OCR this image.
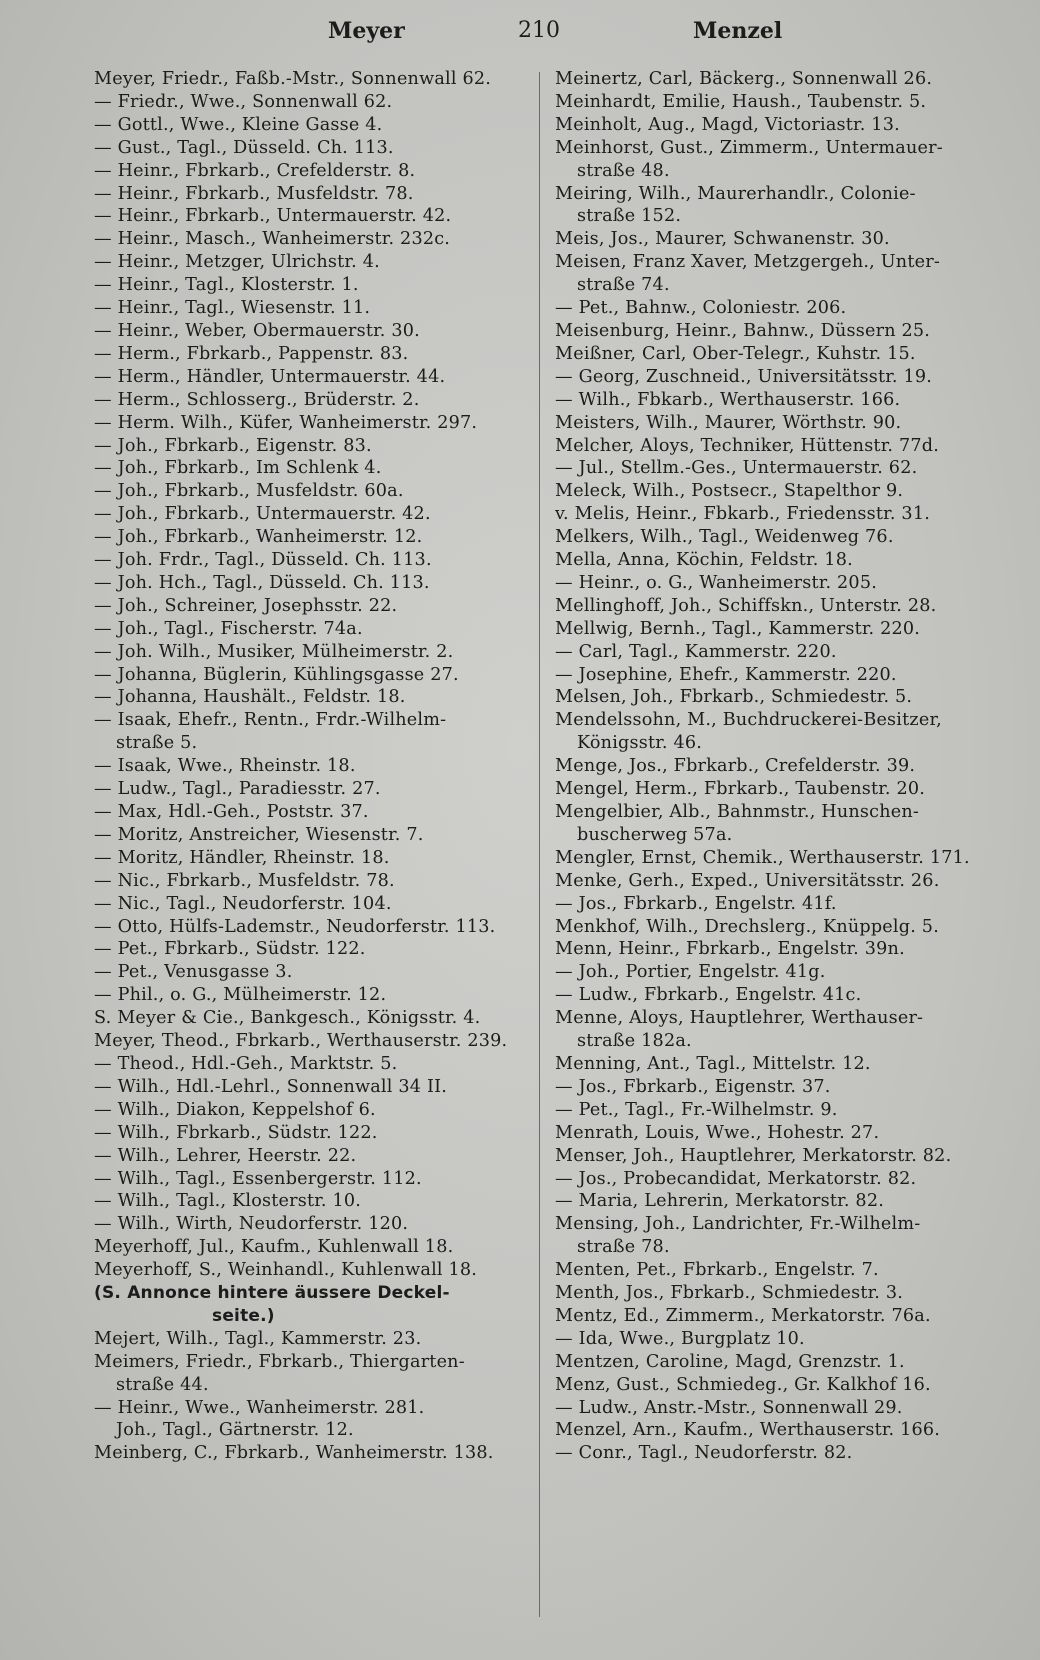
Meyer	210	Menzel
Meyer, Friedr., Faßb.-Mstr., Sonnenwall 62.
— Friedr., Wwe., Sonnenwall 62.
— Gottl., Wwe., Kleine Gasse 4.
— Gust., Tagl., Düsseld. Ch. 113.
— Heinr., Fbrkarb., Crefelderstr. 8.
— Heinr., Fbrkarb., Musfeldstr. 78.
— Heinr., Fbrkarb., Untermauerstr. 42.
— Heinr., Masch., Wanheimerstr. 232c.
— Heinr., Metzger, Ulrichstr. 4.
— Heinr., Tagl., Klosterstr. 1.
— Heinr., Tagl., Wiesenstr. 11.
— Heinr., Weber, Obermauerstr. 30.
— Herm., Fbrkarb., Pappenstr. 83.
— Herm., Händler, Untermauerstr. 44.
— Herm., Schlosserg., Brüderstr. 2.
— Herm. Wilh., Küfer, Wanheimerstr. 297.
— Joh., Fbrkarb., Eigenstr. 83.
— Joh., Fbrkarb., Im Schlenk 4.
— Joh., Fbrkarb., Musfeldstr. 60a.
— Joh., Fbrkarb., Untermauerstr. 42.
— Joh., Fbrkarb., Wanheimerstr. 12.
— Joh. Frdr., Tagl., Düsseld. Ch. 113.
— Joh. Hch., Tagl., Düsseld. Ch. 113.
— Joh., Schreiner, Josephsstr. 22.
— Joh., Tagl., Fischerstr. 74a.
— Joh. Wilh., Musiker, Mülheimerstr. 2.
— Johanna, Büglerin, Kühlingsgasse 27.
— Johanna, Haushält., Feldstr. 18.
— Isaak, Ehefr., Rentn., Frdr.-Wilhelm-
straße 5.
— Isaak, Wwe., Rheinstr. 18.
— Ludw., Tagl., Paradiesstr. 27.
— Max, Hdl.-Geh., Poststr. 37.
— Moritz, Anstreicher, Wiesenstr. 7.
— Moritz, Händler, Rheinstr. 18.
— Nic., Fbrkarb., Musfeldstr. 78.
— Nic., Tagl., Neudorferstr. 104.
— Otto, Hülfs-Lademstr., Neudorferstr. 113.
— Pet., Fbrkarb., Südstr. 122.
— Pet., Venusgasse 3.
— Phil., o. G., Mülheimerstr. 12.
S. Meyer & Cie., Bankgesch., Königsstr. 4.
Meyer, Theod., Fbrkarb., Werthauserstr. 239.
— Theod., Hdl.-Geh., Marktstr. 5.
— Wilh., Hdl.-Lehrl., Sonnenwall 34 II.
— Wilh., Diakon, Keppelshof 6.
— Wilh., Fbrkarb., Südstr. 122.
— Wilh., Lehrer, Heerstr. 22.
— Wilh., Tagl., Essenbergerstr. 112.
— Wilh., Tagl., Klosterstr. 10.
— Wilh., Wirth, Neudorferstr. 120.
Meyerhoff, Jul., Kaufm., Kuhlenwall 18.
Meyerhoff, S., Weinhandl., Kuhlenwall 18.
(S. Annonce hintere äussere Deckel-
seite.)
Mejert, Wilh., Tagl., Kammerstr. 23.
Meimers, Friedr., Fbrkarb., Thiergarten-
straße 44.
— Heinr., Wwe., Wanheimerstr. 281.
Joh., Tagl., Gärtnerstr. 12.
Meinberg, C., Fbrkarb., Wanheimerstr. 138.
Meinertz, Carl, Bäckerg., Sonnenwall 26.
Meinhardt, Emilie, Haush., Taubenstr. 5.
Meinholt, Aug., Magd, Victoriastr. 13.
Meinhorst, Gust., Zimmerm., Untermauer-
straße 48.
Meiring, Wilh., Maurerhandlr., Colonie-
straße 152.
Meis, Jos., Maurer, Schwanenstr. 30.
Meisen, Franz Xaver, Metzgergeh., Unter-
straße 74.
— Pet., Bahnw., Coloniestr. 206.
Meisenburg, Heinr., Bahnw., Düssern 25.
Meißner, Carl, Ober-Telegr., Kuhstr. 15.
— Georg, Zuschneid., Universitätsstr. 19.
— Wilh., Fbkarb., Werthauserstr. 166.
Meisters, Wilh., Maurer, Wörthstr. 90.
Melcher, Aloys, Techniker, Hüttenstr. 77d.
— Jul., Stellm.-Ges., Untermauerstr. 62.
Meleck, Wilh., Postsecr., Stapelthor 9.
v. Melis, Heinr., Fbkarb., Friedensstr. 31.
Melkers, Wilh., Tagl., Weidenweg 76.
Mella, Anna, Köchin, Feldstr. 18.
— Heinr., o. G., Wanheimerstr. 205.
Mellinghoff, Joh., Schiffskn., Unterstr. 28.
Mellwig, Bernh., Tagl., Kammerstr. 220.
— Carl, Tagl., Kammerstr. 220.
— Josephine, Ehefr., Kammerstr. 220.
Melsen, Joh., Fbrkarb., Schmiedestr. 5.
Mendelssohn, M., Buchdruckerei-Besitzer,
Königsstr. 46.
Menge, Jos., Fbrkarb., Crefelderstr. 39.
Mengel, Herm., Fbrkarb., Taubenstr. 20.
Mengelbier, Alb., Bahnmstr., Hunschen-
buscherweg 57a.
Mengler, Ernst, Chemik., Werthauserstr. 171.
Menke, Gerh., Exped., Universitätsstr. 26.
— Jos., Fbrkarb., Engelstr. 41f.
Menkhof, Wilh., Drechslerg., Knüppelg. 5.
Menn, Heinr., Fbrkarb., Engelstr. 39n.
— Joh., Portier, Engelstr. 41g.
— Ludw., Fbrkarb., Engelstr. 41c.
Menne, Aloys, Hauptlehrer, Werthauser-
straße 182a.
Menning, Ant., Tagl., Mittelstr. 12.
— Jos., Fbrkarb., Eigenstr. 37.
— Pet., Tagl., Fr.-Wilhelmstr. 9.
Menrath, Louis, Wwe., Hohestr. 27.
Menser, Joh., Hauptlehrer, Merkatorstr. 82.
— Jos., Probecandidat, Merkatorstr. 82.
— Maria, Lehrerin, Merkatorstr. 82.
Mensing, Joh., Landrichter, Fr.-Wilhelm-
straße 78.
Menten, Pet., Fbrkarb., Engelstr. 7.
Menth, Jos., Fbrkarb., Schmiedestr. 3.
Mentz, Ed., Zimmerm., Merkatorstr. 76a.
— Ida, Wwe., Burgplatz 10.
Mentzen, Caroline, Magd, Grenzstr. 1.
Menz, Gust., Schmiedeg., Gr. Kalkhof 16.
— Ludw., Anstr.-Mstr., Sonnenwall 29.
Menzel, Arn., Kaufm., Werthauserstr. 166.
— Conr., Tagl., Neudorferstr. 82.
